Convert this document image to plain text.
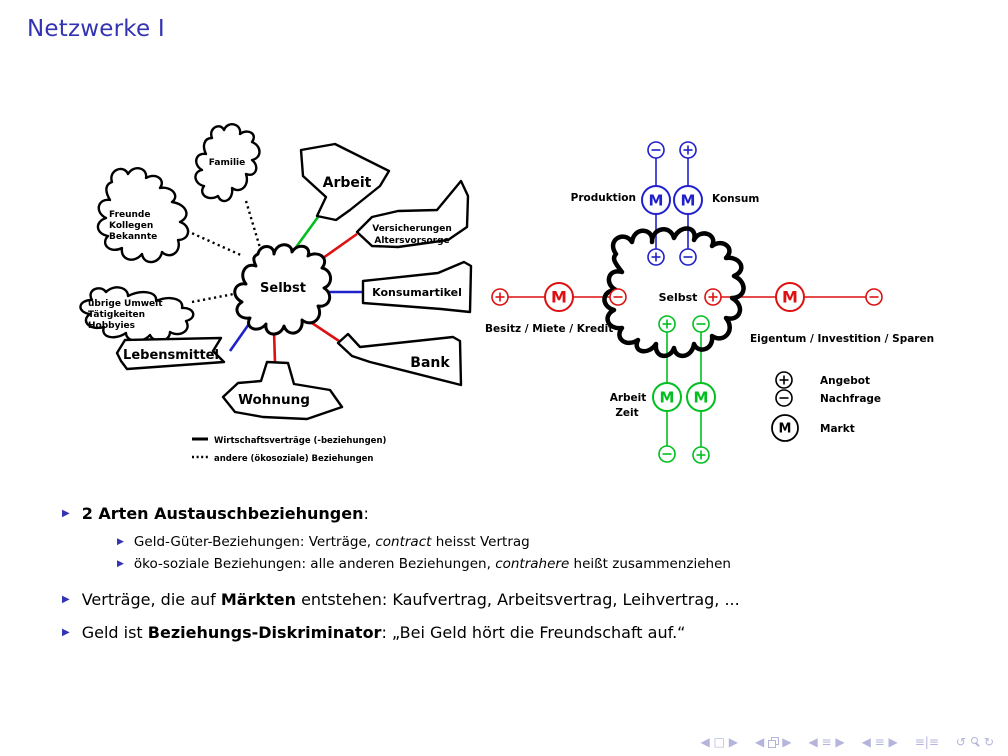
Netzwerke I
Familie
Freunde
Kollegen
Bekannte
Arbeit
Versicherungen
Altersvorsorge
Konsumartikel
übrige Umwelt
Tätigkeiten
Hobbyies
Lebensmittel
Wohnung
Bank
Selbst
Wirtschaftsverträge (-beziehungen)
andere (ökosoziale) Beziehungen
M M
M	M
M M
Produktion	Konsum
Selbst
Besitz / Miete / Kredit
Eigentum / Investition / Sparen
Arbeit
Zeit
M
Angebot
Nachfrage
Markt
▶ 2 Arten Austauschbeziehungen:
▶ Geld-Güter-Beziehungen: Verträge, contract heisst Vertrag
▶ öko-soziale Beziehungen: alle anderen Beziehungen, contrahere heißt zusammenziehen
▶ Verträge, die auf Märkten entstehen: Kaufvertrag, Arbeitsvertrag, Leihvertrag, ...
▶ Geld ist Beziehungs-Diskriminator: „Bei Geld hört die Freundschaft auf.“
◀ □ ▶ ◀ ▶ ◀ ≡ ▶ ◀ ≡ ▶ ≡|≡ ↺ ↻
